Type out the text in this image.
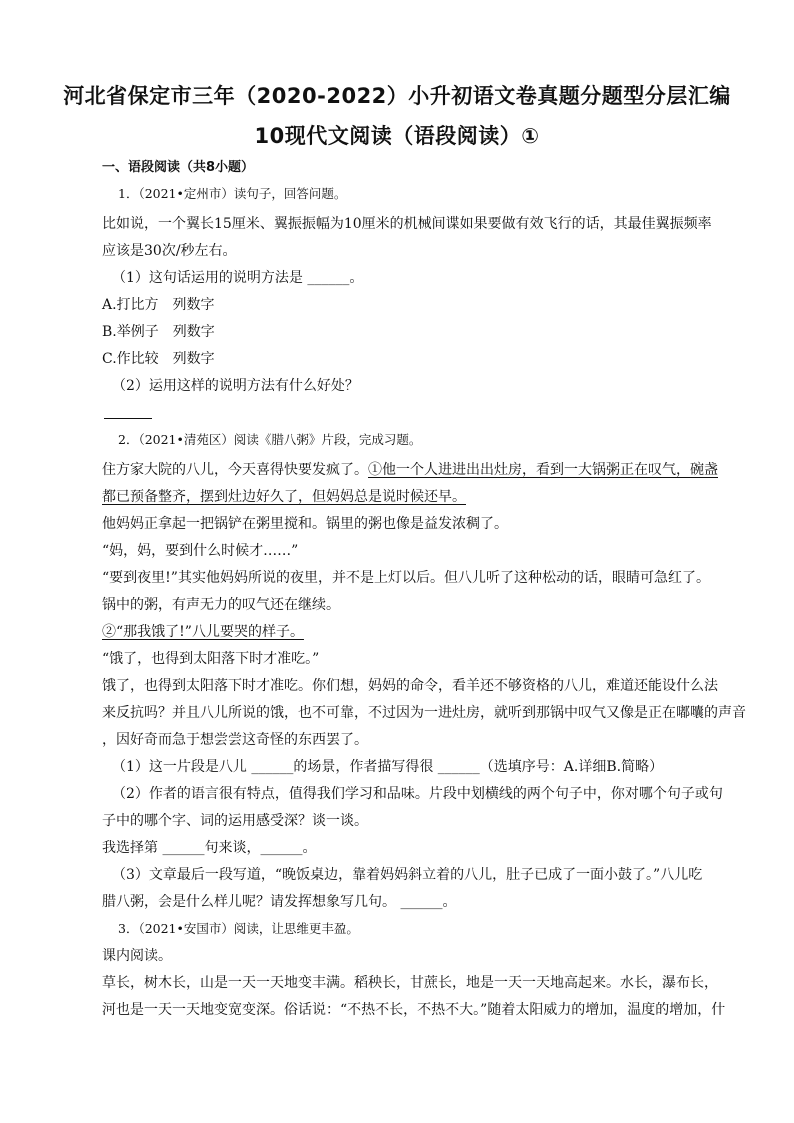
河北省保定市三年（2020-2022）小升初语文卷真题分题型分层汇编
10现代文阅读（语段阅读）①
一、语段阅读（共8小题）
1．（2021•定州市）读句子，回答问题。
比如说，一个翼长15厘米、翼振振幅为10厘米的机械间谍如果要做有效飞行的话，其最佳翼振频率
应该是30次/秒左右。
（1）这句话运用的说明方法是 ______。
A.打比方　列数字
B.举例子　列数字
C.作比较　列数字
（2）运用这样的说明方法有什么好处？
2．（2021•清苑区）阅读《腊八粥》片段，完成习题。
住方家大院的八儿，今天喜得快要发疯了。①他一个人进进出出灶房，看到一大锅粥正在叹气，碗盏
都已预备整齐，摆到灶边好久了，但妈妈总是说时候还早。
他妈妈正拿起一把锅铲在粥里搅和。锅里的粥也像是益发浓稠了。
“妈，妈，要到什么时候才……”
“要到夜里!”其实他妈妈所说的夜里，并不是上灯以后。但八儿听了这种松动的话，眼睛可急红了。
锅中的粥，有声无力的叹气还在继续。
②“那我饿了!”八儿要哭的样子。
“饿了，也得到太阳落下时才准吃。”
饿了，也得到太阳落下时才准吃。你们想，妈妈的命令，看羊还不够资格的八儿，难道还能设什么法
来反抗吗？并且八儿所说的饿，也不可靠，不过因为一进灶房，就听到那锅中叹气又像是正在嘟囔的声音
，因好奇而急于想尝尝这奇怪的东西罢了。
（1）这一片段是八儿 ______的场景，作者描写得很 ______（选填序号：A.详细B.简略）
（2）作者的语言很有特点，值得我们学习和品味。片段中划横线的两个句子中，你对哪个句子或句
子中的哪个字、词的运用感受深？谈一谈。
我选择第 ______句来谈，______。
（3）文章最后一段写道，“晚饭桌边，靠着妈妈斜立着的八儿，肚子已成了一面小鼓了。”八儿吃
腊八粥，会是什么样儿呢？请发挥想象写几句。 ______。
3．（2021•安国市）阅读，让思维更丰盈。
课内阅读。
草长，树木长，山是一天一天地变丰满。稻秧长，甘蔗长，地是一天一天地高起来。水长，瀑布长，
河也是一天一天地变宽变深。俗话说：“不热不长，不热不大。”随着太阳威力的增加，温度的增加，什
